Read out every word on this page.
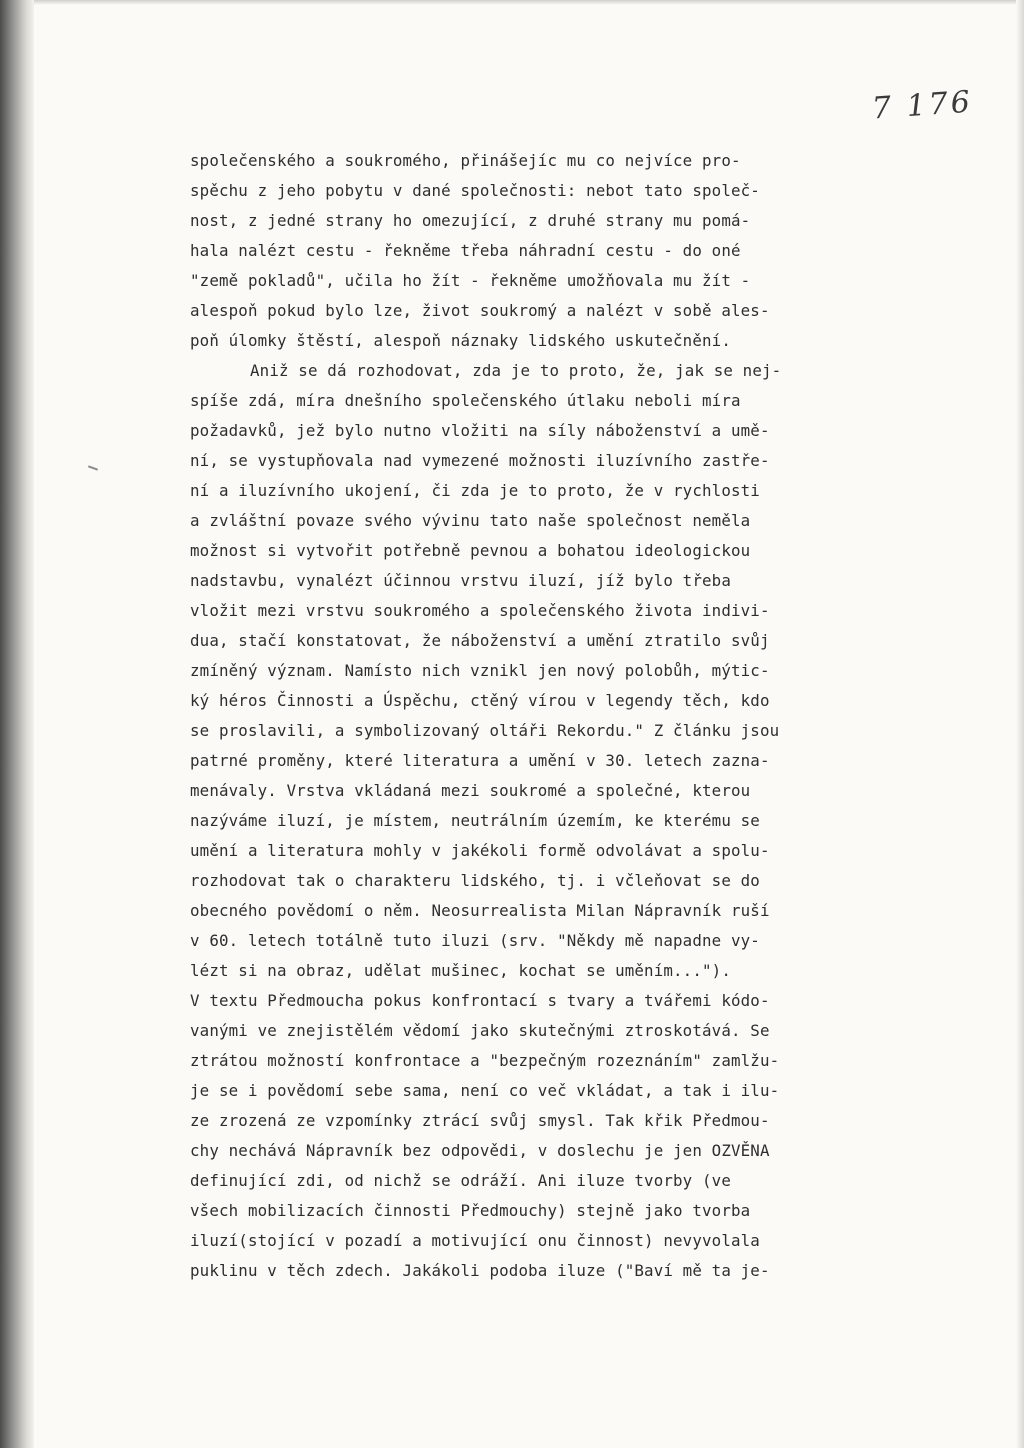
7 176
společenského a soukromého, přinášejíc mu co nejvíce pro-
spěchu z jeho pobytu v dané společnosti: nebot tato společ-
nost, z jedné strany ho omezující, z druhé strany mu pomá-
hala nalézt cestu - řekněme třeba náhradní cestu - do oné
"země pokladů", učila ho žít - řekněme umožňovala mu žít -
alespoň pokud bylo lze, život soukromý a nalézt v sobě ales-
poň úlomky štěstí, alespoň náznaky lidského uskutečnění.
Aniž se dá rozhodovat, zda je to proto, že, jak se nej-
spíše zdá, míra dnešního společenského útlaku neboli míra
požadavků, jež bylo nutno vložiti na síly náboženství a umě-
ní, se vystupňovala nad vymezené možnosti iluzívního zastře-
ní a iluzívního ukojení, či zda je to proto, že v rychlosti
a zvláštní povaze svého vývinu tato naše společnost neměla
možnost si vytvořit potřebně pevnou a bohatou ideologickou
nadstavbu, vynalézt účinnou vrstvu iluzí, jíž bylo třeba
vložit mezi vrstvu soukromého a společenského života indivi-
dua, stačí konstatovat, že náboženství a umění ztratilo svůj
zmíněný význam. Namísto nich vznikl jen nový polobůh, mýtic-
ký héros Činnosti a Úspěchu, ctěný vírou v legendy těch, kdo
se proslavili, a symbolizovaný oltáři Rekordu." Z článku jsou
patrné proměny, které literatura a umění v 30. letech zazna-
menávaly. Vrstva vkládaná mezi soukromé a společné, kterou
nazýváme iluzí, je místem, neutrálním územím, ke kterému se
umění a literatura mohly v jakékoli formě odvolávat a spolu-
rozhodovat tak o charakteru lidského, tj. i včleňovat se do
obecného povědomí o něm. Neosurrealista Milan Nápravník ruší
v 60. letech totálně tuto iluzi (srv. "Někdy mě napadne vy-
lézt si na obraz, udělat mušinec, kochat se uměním...").
V textu Předmoucha pokus konfrontací s tvary a tvářemi kódo-
vanými ve znejistělém vědomí jako skutečnými ztroskotává. Se
ztrátou možností konfrontace a "bezpečným rozeznáním" zamlžu-
je se i povědomí sebe sama, není co več vkládat, a tak i ilu-
ze zrozená ze vzpomínky ztrácí svůj smysl. Tak křik Předmou-
chy nechává Nápravník bez odpovědi, v doslechu je jen OZVĚNA
definující zdi, od nichž se odráží. Ani iluze tvorby (ve
všech mobilizacích činnosti Předmouchy) stejně jako tvorba
iluzí(stojící v pozadí a motivující onu činnost) nevyvolala
puklinu v těch zdech. Jakákoli podoba iluze ("Baví mě ta je-
